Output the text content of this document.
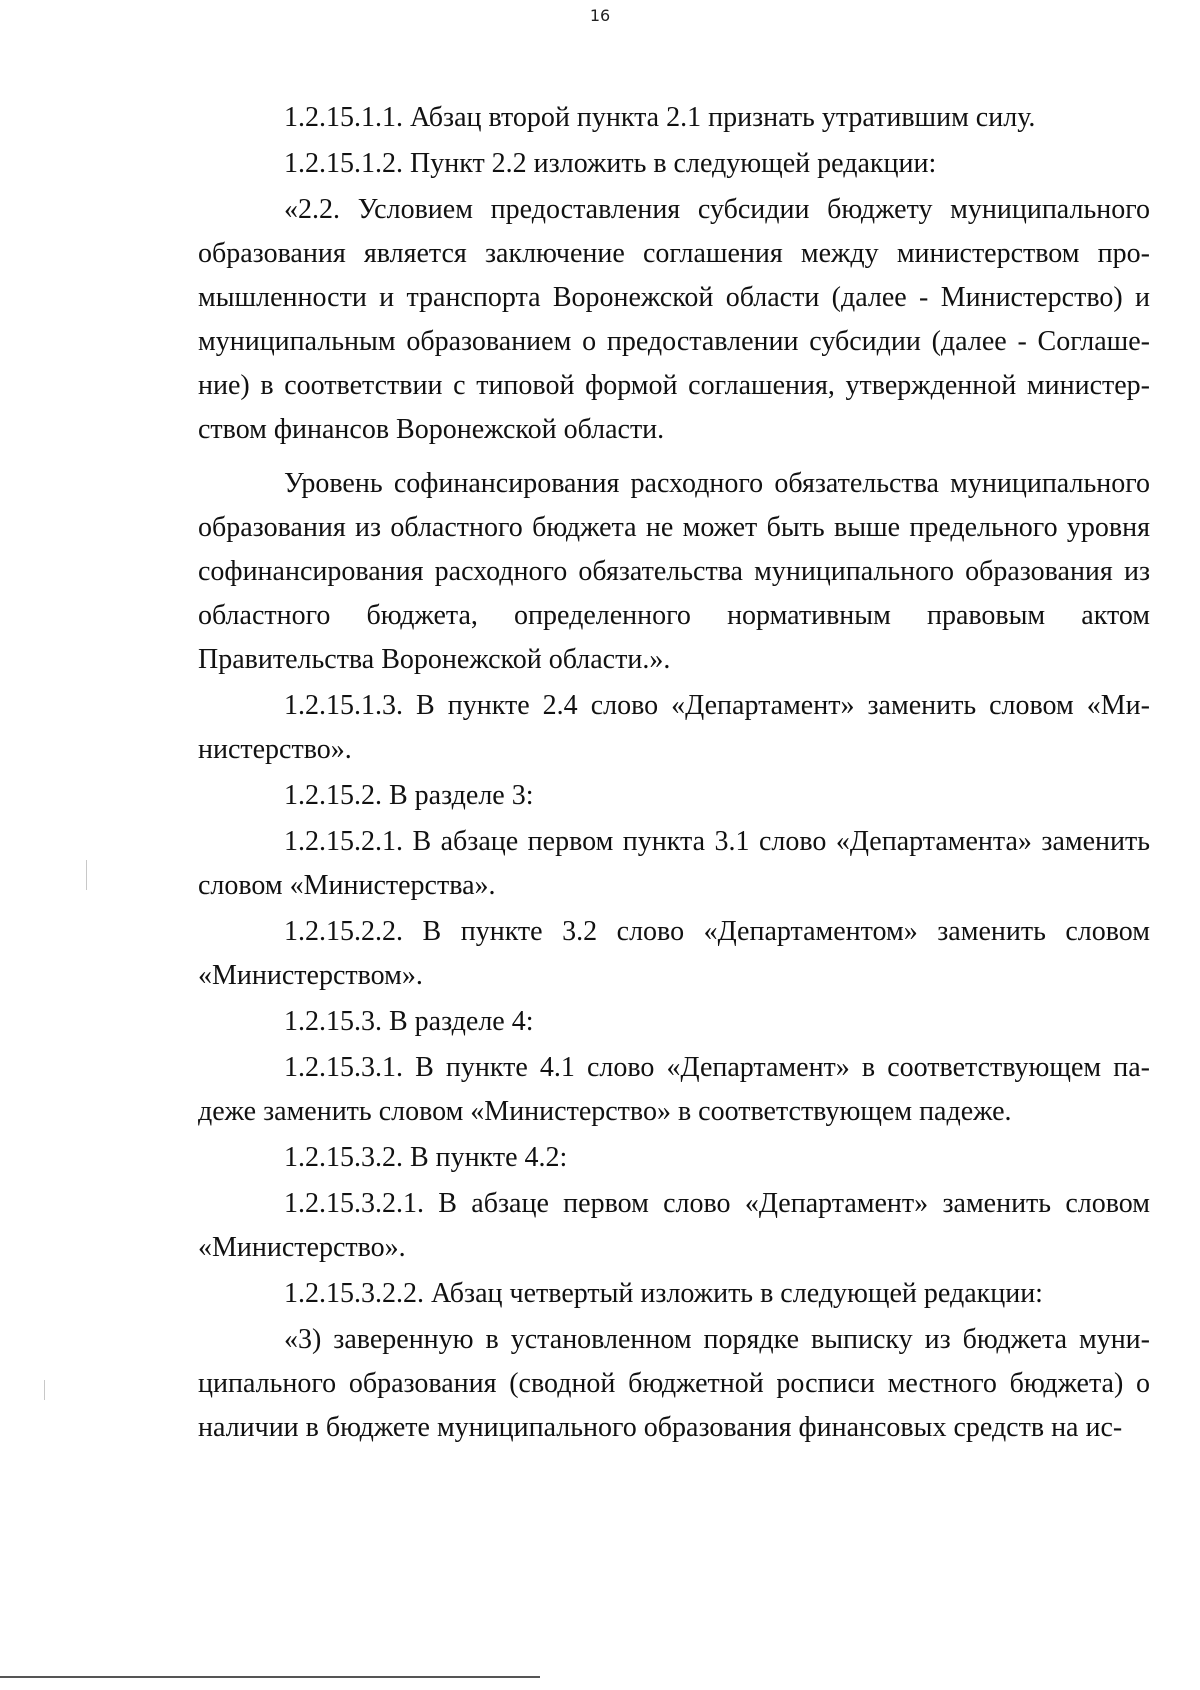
16

1.2.15.1.1. Абзац второй пункта 2.1 признать утратившим силу.

1.2.15.1.2. Пункт 2.2 изложить в следующей редакции:

«2.2. Условием предоставления субсидии бюджету муниципального образования является заключение соглашения между министерством промышленности и транспорта Воронежской области (далее - Министерство) и муниципальным образованием о предоставлении субсидии (далее - Соглашение) в соответствии с типовой формой соглашения, утвержденной министерством финансов Воронежской области.

Уровень софинансирования расходного обязательства муниципального образования из областного бюджета не может быть выше предельного уровня софинансирования расходного обязательства муниципального образования из областного бюджета, определенного нормативным правовым актом Правительства Воронежской области.».

1.2.15.1.3. В пункте 2.4 слово «Департамент» заменить словом «Министерство».

1.2.15.2. В разделе 3:

1.2.15.2.1. В абзаце первом пункта 3.1 слово «Департамента» заменить словом «Министерства».

1.2.15.2.2. В пункте 3.2 слово «Департаментом» заменить словом «Министерством».

1.2.15.3. В разделе 4:

1.2.15.3.1. В пункте 4.1 слово «Департамент» в соответствующем падеже заменить словом «Министерство» в соответствующем падеже.

1.2.15.3.2. В пункте 4.2:

1.2.15.3.2.1. В абзаце первом слово «Департамент» заменить словом «Министерство».

1.2.15.3.2.2. Абзац четвертый изложить в следующей редакции:

«3) заверенную в установленном порядке выписку из бюджета муниципального образования (сводной бюджетной росписи местного бюджета) о наличии в бюджете муниципального образования финансовых средств на ис-
